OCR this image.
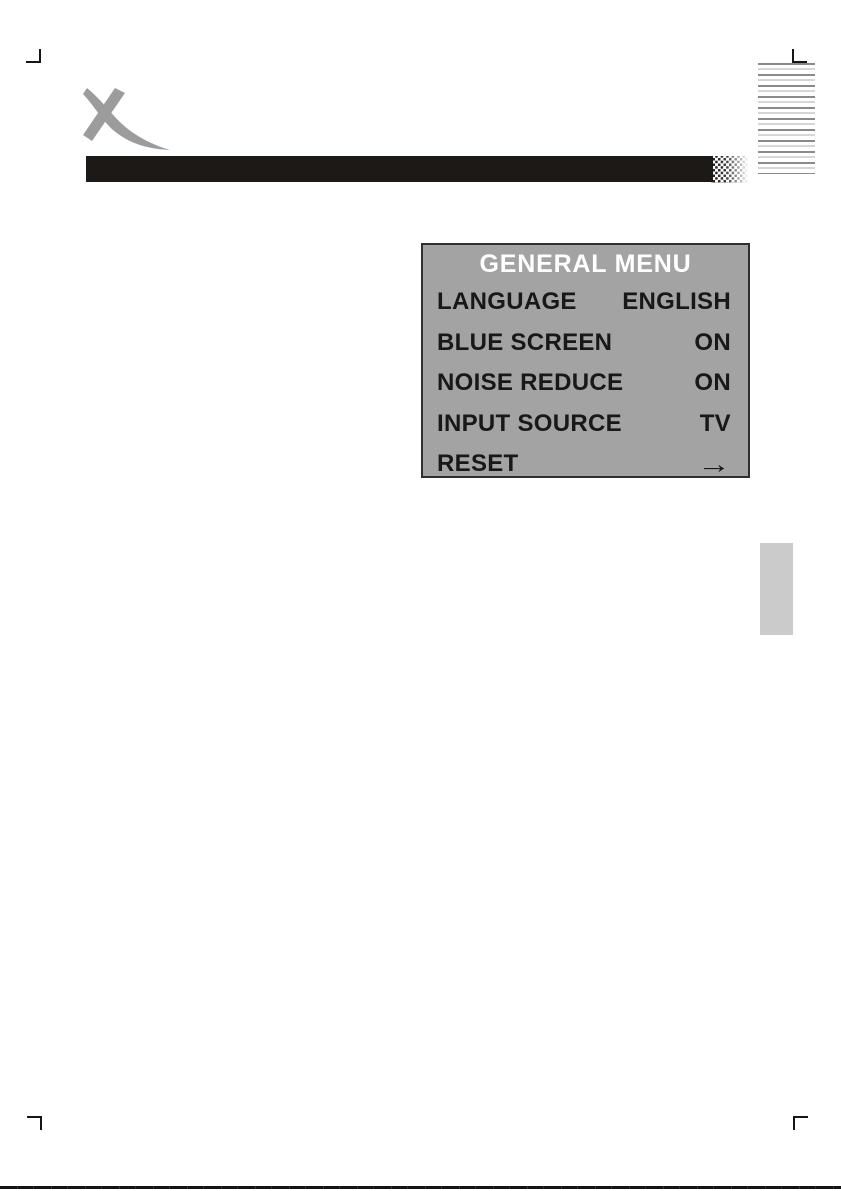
GENERAL MENU
LANGUAGE ENGLISH
BLUE SCREEN	ON
NOISE REDUCE	ON
INPUT SOURCE	TV
RESET	→
